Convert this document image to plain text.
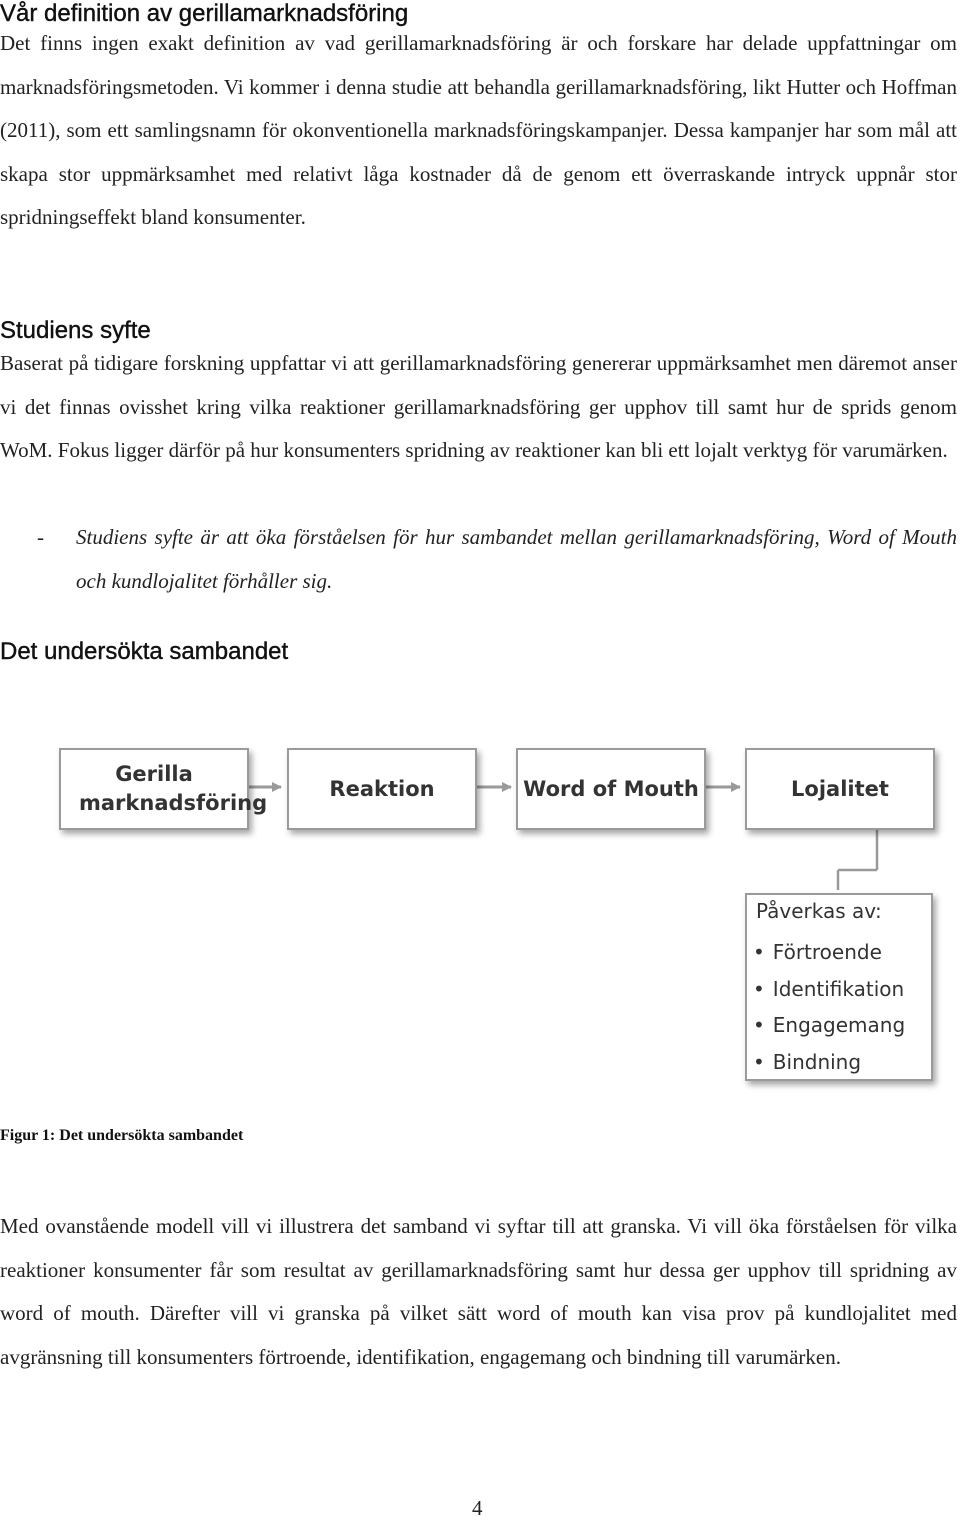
Vår definition av gerillamarknadsföring

Det finns ingen exakt definition av vad gerillamarknadsföring är och forskare har delade uppfattningar om marknadsföringsmetoden. Vi kommer i denna studie att behandla gerillamarknadsföring, likt Hutter och Hoffman (2011), som ett samlingsnamn för okonventionella marknadsföringskampanjer. Dessa kampanjer har som mål att skapa stor uppmärksamhet med relativt låga kostnader då de genom ett överraskande intryck uppnår stor spridningseffekt bland konsumenter.

Studiens syfte

Baserat på tidigare forskning uppfattar vi att gerillamarknadsföring genererar uppmärksamhet men däremot anser vi det finnas ovisshet kring vilka reaktioner gerillamarknadsföring ger upphov till samt hur de sprids genom WoM. Fokus ligger därför på hur konsumenters spridning av reaktioner kan bli ett lojalt verktyg för varumärken.

- Studiens syfte är att öka förståelsen för hur sambandet mellan gerillamarknadsföring, Word of Mouth och kundlojalitet förhåller sig.

Det undersökta sambandet
Gerilla marknadsföring
Reaktion	Word of Mouth	Lojalitet
Påverkas av:
• Förtroende
• Identifikation
• Engagemang
• Bindning
Figur 1: Det undersökta sambandet

Med ovanstående modell vill vi illustrera det samband vi syftar till att granska. Vi vill öka förståelsen för vilka reaktioner konsumenter får som resultat av gerillamarknadsföring samt hur dessa ger upphov till spridning av word of mouth. Därefter vill vi granska på vilket sätt word of mouth kan visa prov på kundlojalitet med avgränsning till konsumenters förtroende, identifikation, engagemang och bindning till varumärken.

4
